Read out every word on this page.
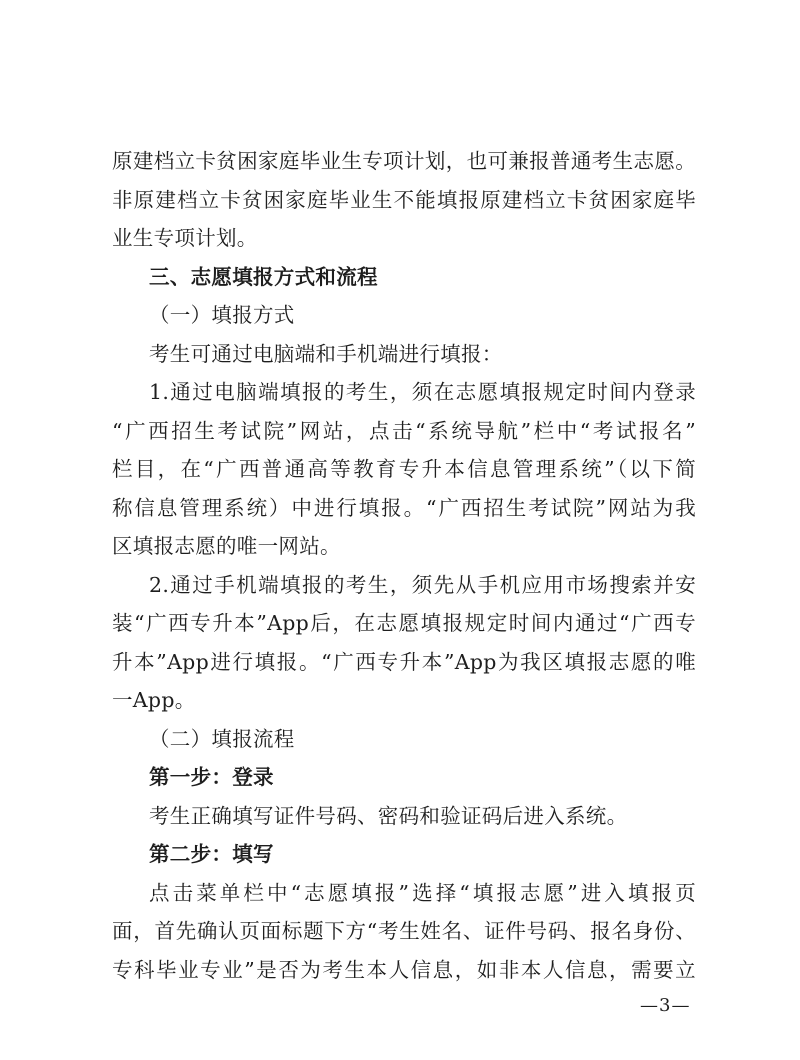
原建档立卡贫困家庭毕业生专项计划，也可兼报普通考生志愿。
非原建档立卡贫困家庭毕业生不能填报原建档立卡贫困家庭毕
业生专项计划。
三、志愿填报方式和流程
（一）填报方式
考生可通过电脑端和手机端进行填报：
1.通过电脑端填报的考生，须在志愿填报规定时间内登录
“广西招生考试院”网站，点击“系统导航”栏中“考试报名”
栏目，在“广西普通高等教育专升本信息管理系统”（以下简
称信息管理系统）中进行填报。“广西招生考试院”网站为我
区填报志愿的唯一网站。
2.通过手机端填报的考生，须先从手机应用市场搜索并安
装“广西专升本”App后，在志愿填报规定时间内通过“广西专
升本”App进行填报。“广西专升本”App为我区填报志愿的唯
一App。
（二）填报流程
第一步：登录
考生正确填写证件号码、密码和验证码后进入系统。
第二步：填写
点击菜单栏中“志愿填报”选择“填报志愿”进入填报页
面，首先确认页面标题下方“考生姓名、证件号码、报名身份、
专科毕业专业”是否为考生本人信息，如非本人信息，需要立
—3—
